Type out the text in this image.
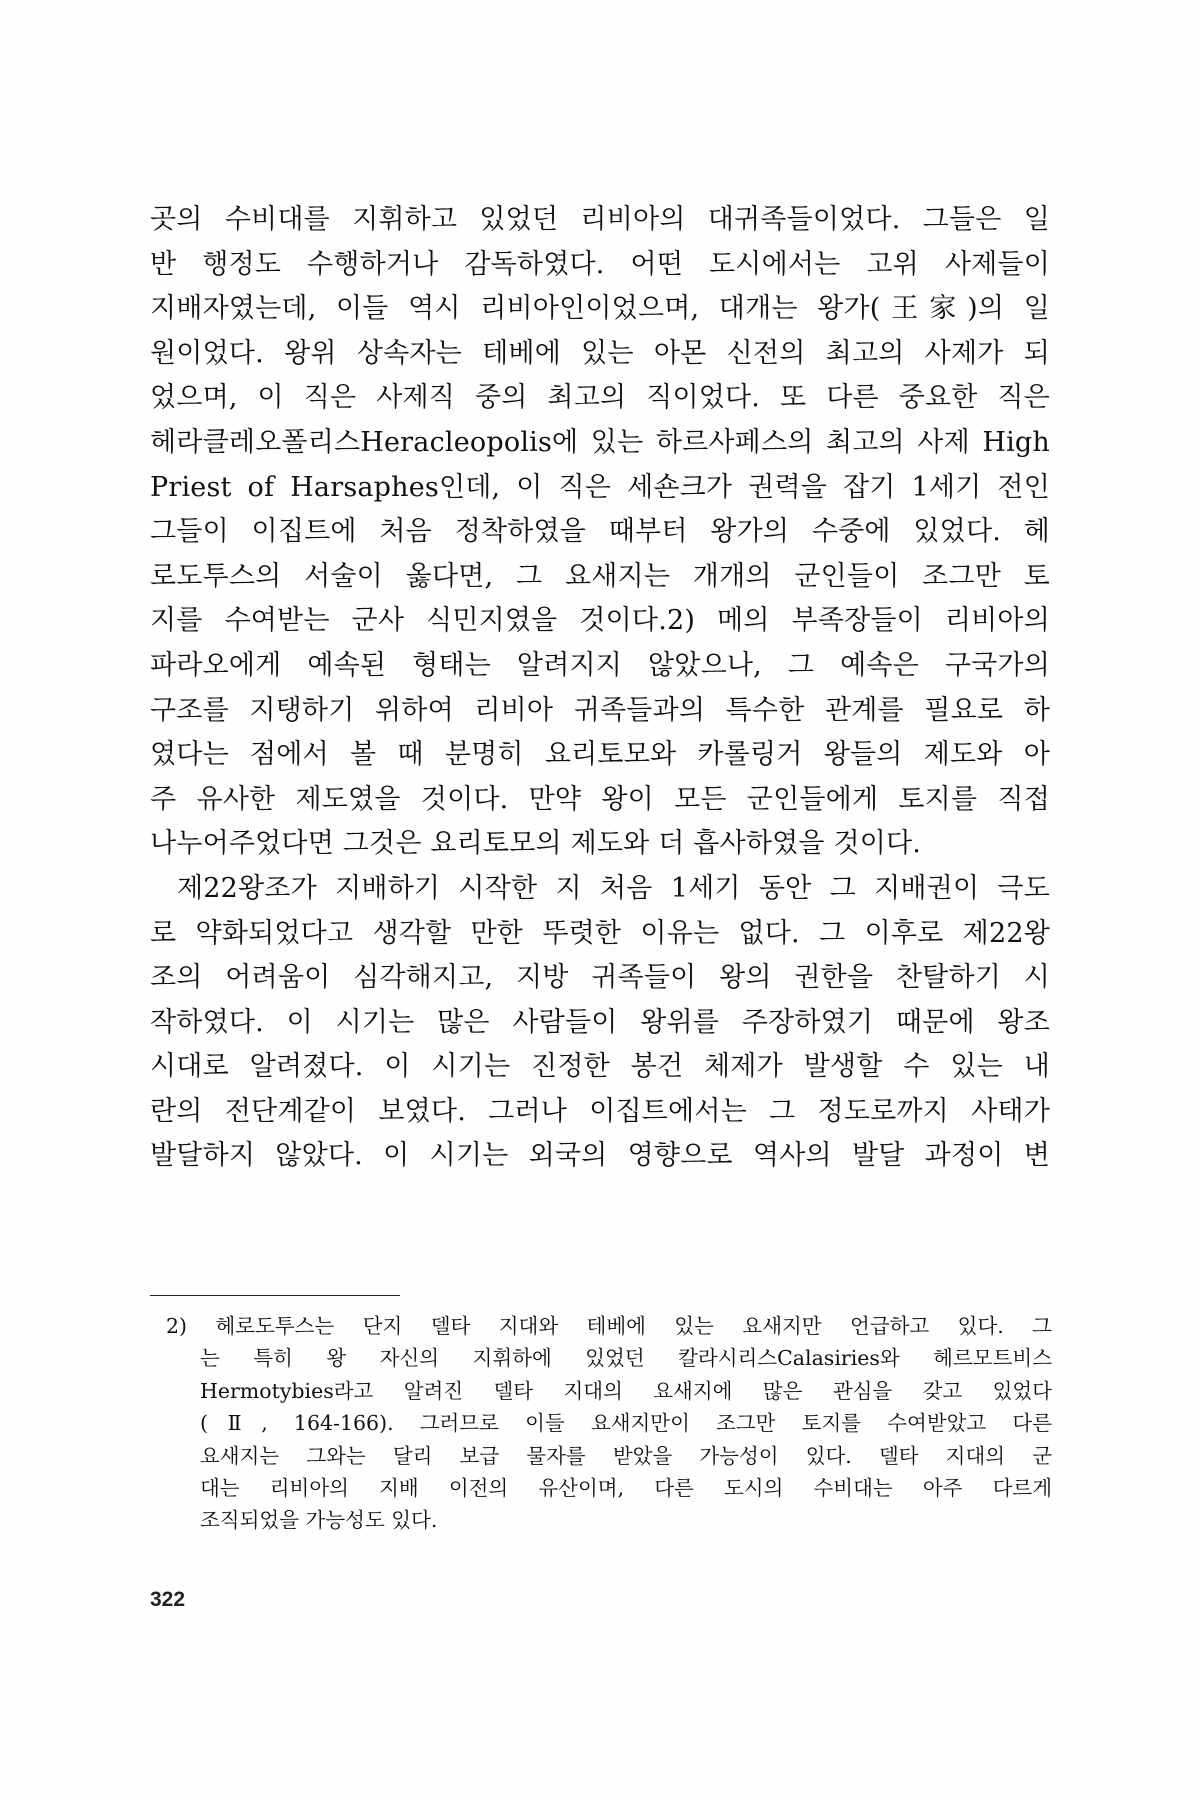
곳의 수비대를 지휘하고 있었던 리비아의 대귀족들이었다. 그들은 일
반 행정도 수행하거나 감독하였다. 어떤 도시에서는 고위 사제들이
지배자였는데, 이들 역시 리비아인이었으며, 대개는 왕가(王家)의 일
원이었다. 왕위 상속자는 테베에 있는 아몬 신전의 최고의 사제가 되
었으며, 이 직은 사제직 중의 최고의 직이었다. 또 다른 중요한 직은
헤라클레오폴리스Heracleopolis에 있는 하르사페스의 최고의 사제 High
Priest of Harsaphes인데, 이 직은 세숀크가 권력을 잡기 1세기 전인
그들이 이집트에 처음 정착하였을 때부터 왕가의 수중에 있었다. 헤
로도투스의 서술이 옳다면, 그 요새지는 개개의 군인들이 조그만 토
지를 수여받는 군사 식민지였을 것이다.2) 메의 부족장들이 리비아의
파라오에게 예속된 형태는 알려지지 않았으나, 그 예속은 구국가의
구조를 지탱하기 위하여 리비아 귀족들과의 특수한 관계를 필요로 하
였다는 점에서 볼 때 분명히 요리토모와 카롤링거 왕들의 제도와 아
주 유사한 제도였을 것이다. 만약 왕이 모든 군인들에게 토지를 직접
나누어주었다면 그것은 요리토모의 제도와 더 흡사하였을 것이다.
제22왕조가 지배하기 시작한 지 처음 1세기 동안 그 지배권이 극도
로 약화되었다고 생각할 만한 뚜렷한 이유는 없다. 그 이후로 제22왕
조의 어려움이 심각해지고, 지방 귀족들이 왕의 권한을 찬탈하기 시
작하였다. 이 시기는 많은 사람들이 왕위를 주장하였기 때문에 왕조
시대로 알려졌다. 이 시기는 진정한 봉건 체제가 발생할 수 있는 내
란의 전단계같이 보였다. 그러나 이집트에서는 그 정도로까지 사태가
발달하지 않았다. 이 시기는 외국의 영향으로 역사의 발달 과정이 변
2) 헤로도투스는 단지 델타 지대와 테베에 있는 요새지만 언급하고 있다. 그
는 특히 왕 자신의 지휘하에 있었던 칼라시리스Calasiries와 헤르모트비스
Hermotybies라고 알려진 델타 지대의 요새지에 많은 관심을 갖고 있었다
(Ⅱ, 164-166). 그러므로 이들 요새지만이 조그만 토지를 수여받았고 다른
요새지는 그와는 달리 보급 물자를 받았을 가능성이 있다. 델타 지대의 군
대는 리비아의 지배 이전의 유산이며, 다른 도시의 수비대는 아주 다르게
조직되었을 가능성도 있다.
322
